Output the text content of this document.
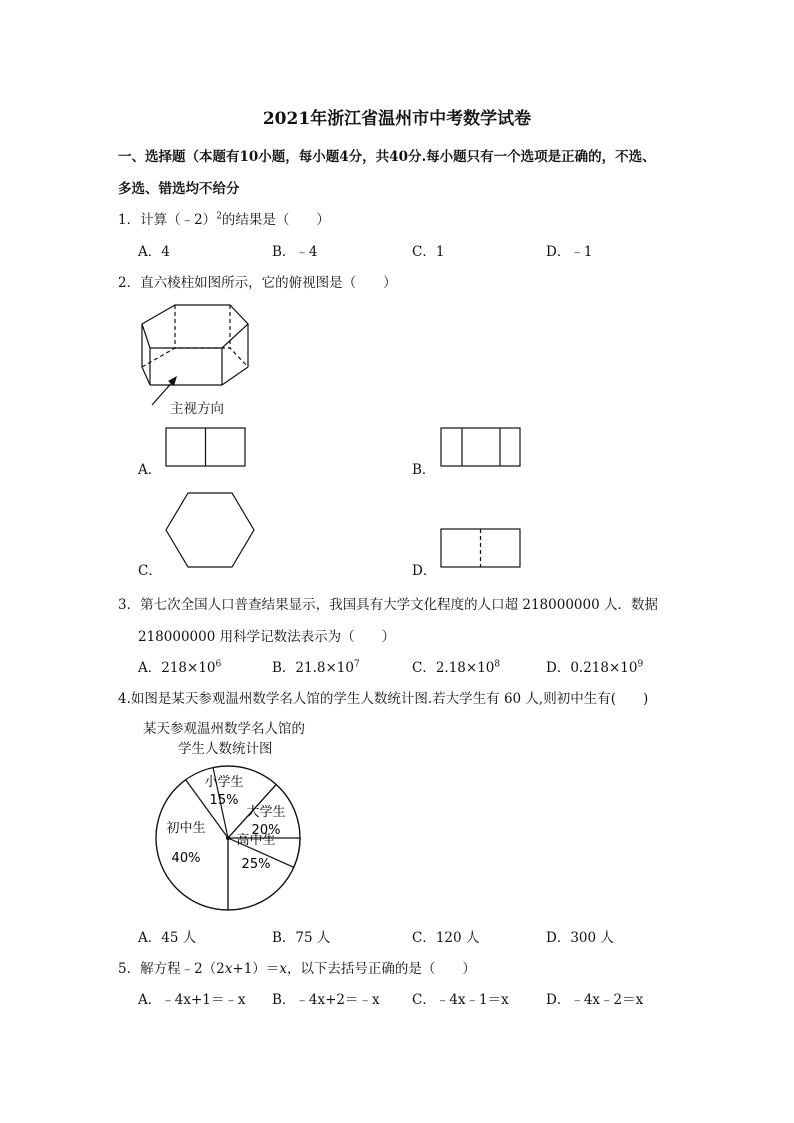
2021年浙江省温州市中考数学试卷
一、选择题（本题有10小题，每小题4分，共40分.每小题只有一个选项是正确的，不选、
多选、错选均不给分
1．计算（﹣2）$^2$的结果是（　　）
A．4	B．﹣4	C．1	D．﹣1
2．直六棱柱如图所示，它的俯视图是（　　）
主视方向
A．	B．
C．	D．
3．第七次全国人口普查结果显示，我国具有大学文化程度的人口超 218000000 人．数据
218000000 用科学记数法表示为（　　）
A．$218\times 10^6$	B．$21.8\times 10^7$	C．$2.18\times 10^8$	D．$0.218\times 10^9$
4.如图是某天参观温州数学名人馆的学生人数统计图.若大学生有 60 人,则初中生有(　　)
某天参观温州数学名人馆的
学生人数统计图
小学生
15%
大学生
20%
高中生
25%
初中生
40%
A．45 人	B．75 人	C．120 人	D．300 人
5．解方程﹣2（2x+1）＝x，以下去括号正确的是（　　）
A．﹣4x+1＝﹣x B．﹣4x+2＝﹣x C．﹣4x﹣1＝x	D．﹣4x﹣2＝x
